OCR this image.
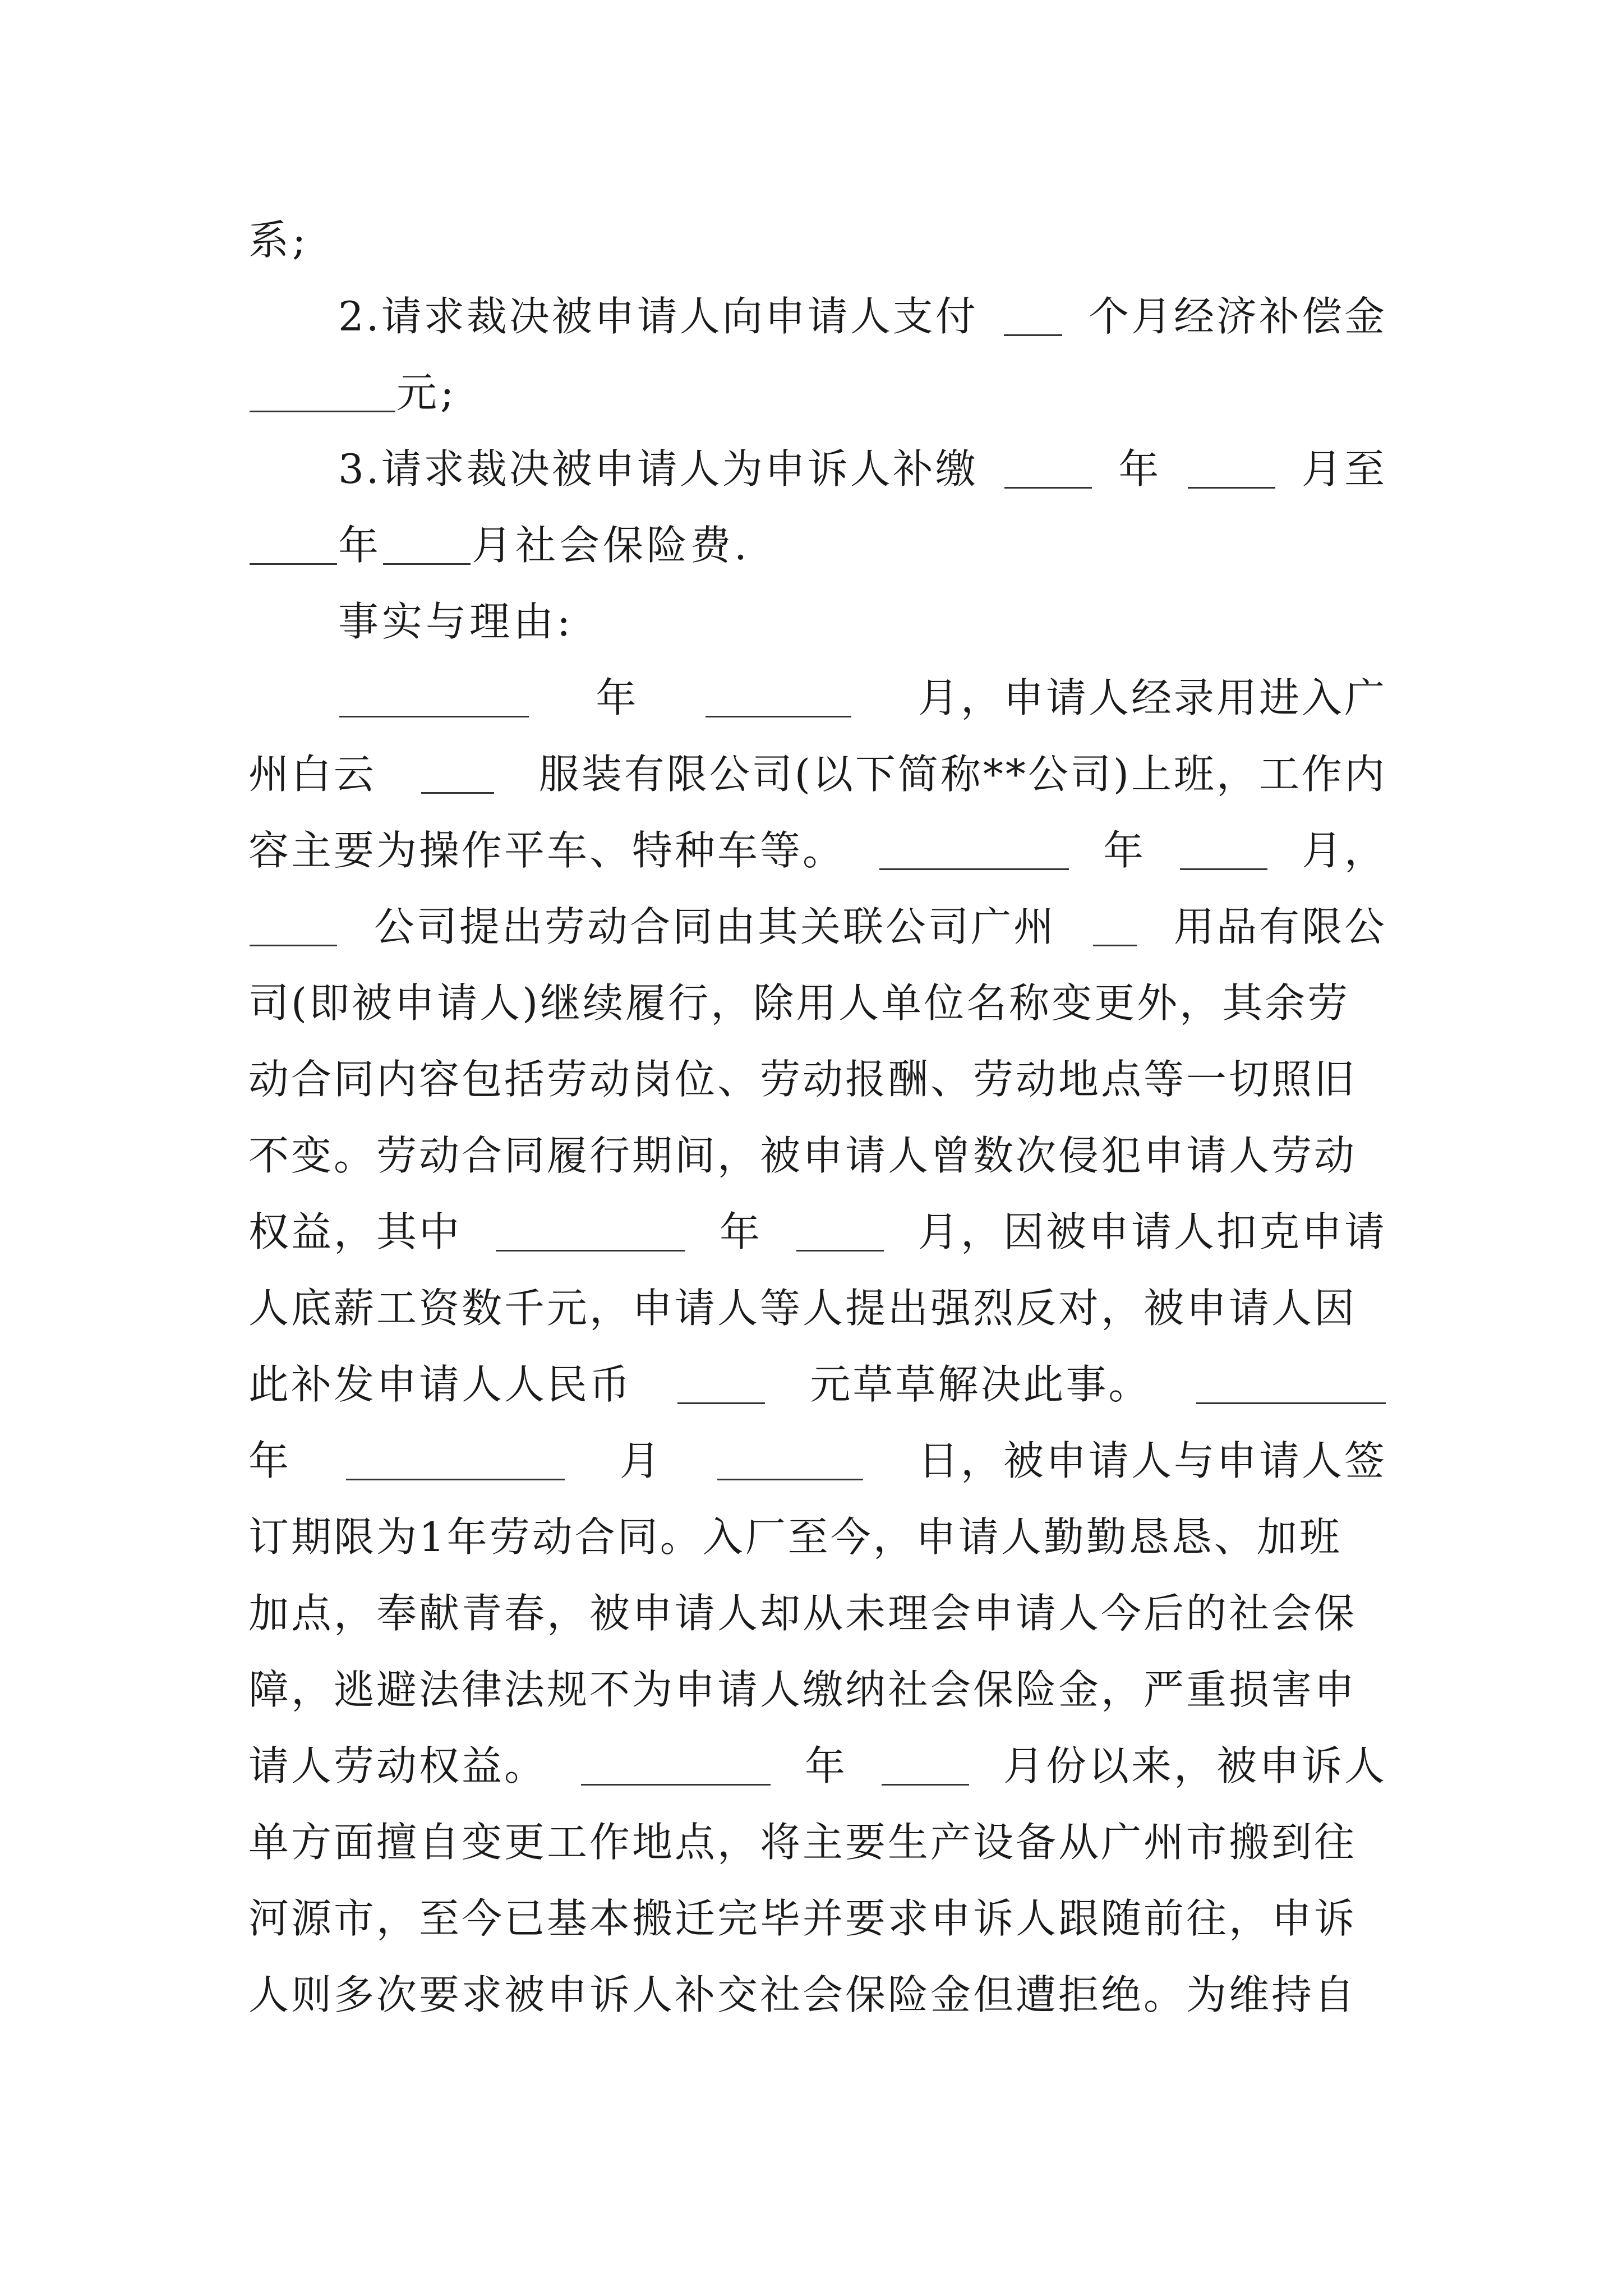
系;
2.请求裁决被申请人向申请人支付	个月经济补偿金
元;
3.请求裁决被申请人为申诉人补缴	年	月至
年 月社会保险费.
事实与理由:
年	月，申请人经录用进入广
州白云	服装有限公司(以下简称**公司)上班，工作内
容主要为操作平车、特种车等。	年	月，
公司提出劳动合同由其关联公司广州	用品有限公
司(即被申请人)继续履行，除用人单位名称变更外，其余劳
动合同内容包括劳动岗位、劳动报酬、劳动地点等一切照旧
不变。劳动合同履行期间，被申请人曾数次侵犯申请人劳动
权益，其中	年	月，因被申请人扣克申请
人底薪工资数千元，申请人等人提出强烈反对，被申请人因
此补发申请人人民币	元草草解决此事。
年	月	日，被申请人与申请人签
订期限为1年劳动合同。入厂至今，申请人勤勤恳恳、加班
加点，奉献青春，被申请人却从未理会申请人今后的社会保
障，逃避法律法规不为申请人缴纳社会保险金，严重损害申
请人劳动权益。	年	月份以来，被申诉人
单方面擅自变更工作地点，将主要生产设备从广州市搬到往
河源市，至今已基本搬迁完毕并要求申诉人跟随前往，申诉
人则多次要求被申诉人补交社会保险金但遭拒绝。为维持自
